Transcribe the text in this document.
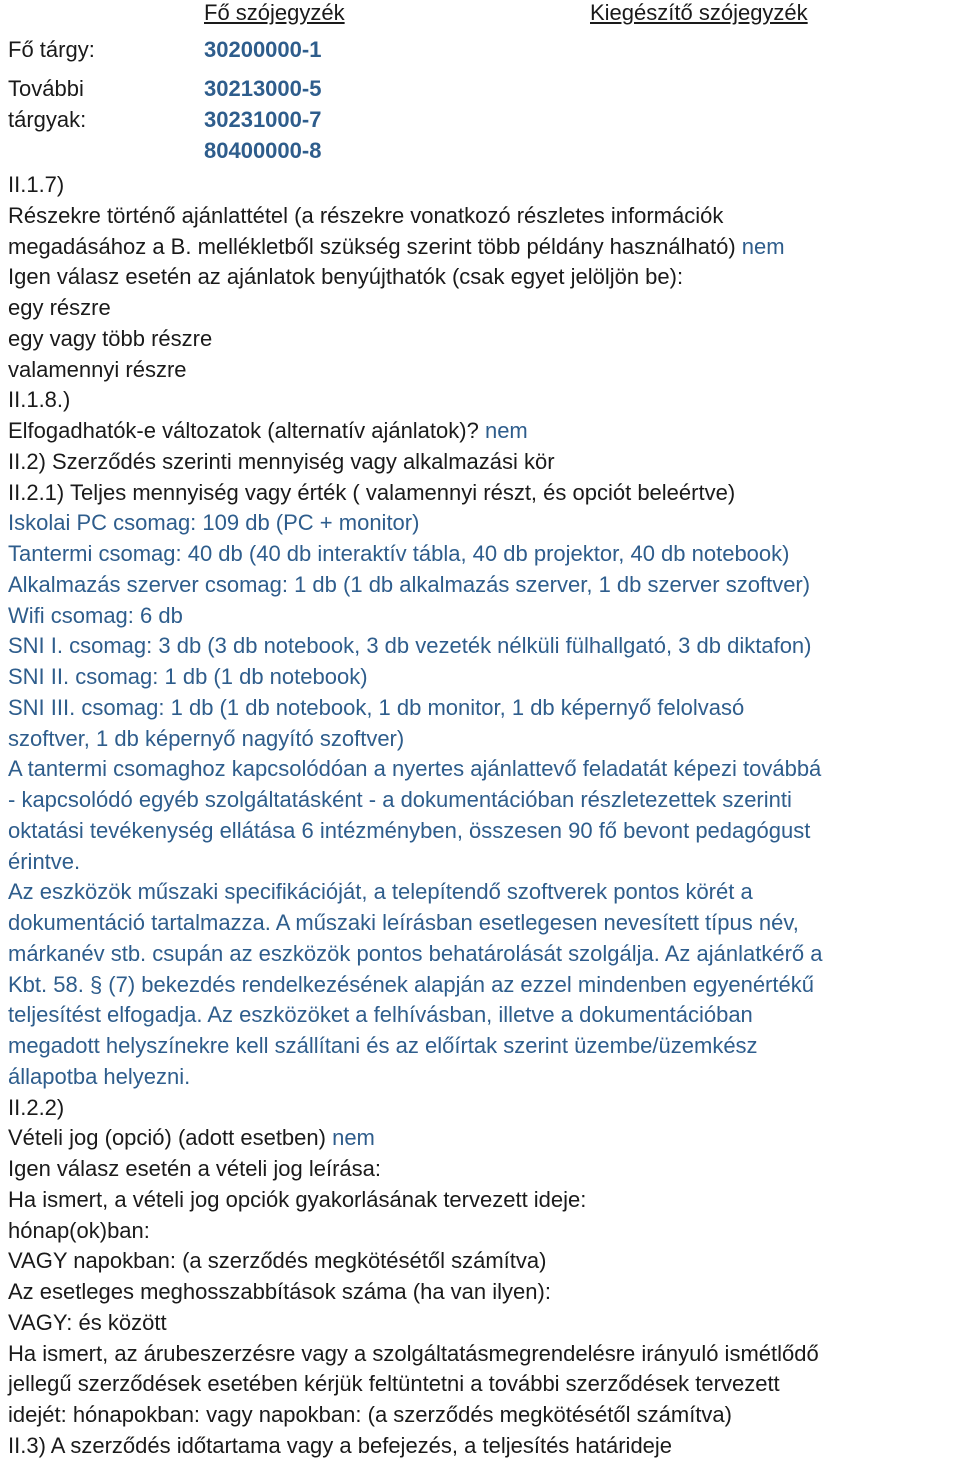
Fő szójegyzék	Kiegészítő szójegyzék
Fő tárgy:	30200000-1
További
tárgyak:
30213000-5
30231000-7
80400000-8
II.1.7)
Részekre történő ajánlattétel (a részekre vonatkozó részletes információk
megadásához a B. mellékletből szükség szerint több példány használható) nem
Igen válasz esetén az ajánlatok benyújthatók (csak egyet jelöljön be):
egy részre
egy vagy több részre
valamennyi részre
II.1.8.)
Elfogadhatók-e változatok (alternatív ajánlatok)? nem
II.2) Szerződés szerinti mennyiség vagy alkalmazási kör
II.2.1) Teljes mennyiség vagy érték ( valamennyi részt, és opciót beleértve)
Iskolai PC csomag: 109 db (PC + monitor)
Tantermi csomag: 40 db (40 db interaktív tábla, 40 db projektor, 40 db notebook)
Alkalmazás szerver csomag: 1 db (1 db alkalmazás szerver, 1 db szerver szoftver)
Wifi csomag: 6 db
SNI I. csomag: 3 db (3 db notebook, 3 db vezeték nélküli fülhallgató, 3 db diktafon)
SNI II. csomag: 1 db (1 db notebook)
SNI III. csomag: 1 db (1 db notebook, 1 db monitor, 1 db képernyő felolvasó
szoftver, 1 db képernyő nagyító szoftver)
A tantermi csomaghoz kapcsolódóan a nyertes ajánlattevő feladatát képezi továbbá
- kapcsolódó egyéb szolgáltatásként - a dokumentációban részletezettek szerinti
oktatási tevékenység ellátása 6 intézményben, összesen 90 fő bevont pedagógust
érintve.
Az eszközök műszaki specifikációját, a telepítendő szoftverek pontos körét a
dokumentáció tartalmazza. A műszaki leírásban esetlegesen nevesített típus név,
márkanév stb. csupán az eszközök pontos behatárolását szolgálja. Az ajánlatkérő a
Kbt. 58. § (7) bekezdés rendelkezésének alapján az ezzel mindenben egyenértékű
teljesítést elfogadja. Az eszközöket a felhívásban, illetve a dokumentációban
megadott helyszínekre kell szállítani és az előírtak szerint üzembe/üzemkész
állapotba helyezni.
II.2.2)
Vételi jog (opció) (adott esetben) nem
Igen válasz esetén a vételi jog leírása:
Ha ismert, a vételi jog opciók gyakorlásának tervezett ideje:
hónap(ok)ban:
VAGY napokban: (a szerződés megkötésétől számítva)
Az esetleges meghosszabbítások száma (ha van ilyen):
VAGY: és között
Ha ismert, az árubeszerzésre vagy a szolgáltatásmegrendelésre irányuló ismétlődő
jellegű szerződések esetében kérjük feltüntetni a további szerződések tervezett
idejét: hónapokban: vagy napokban: (a szerződés megkötésétől számítva)
II.3) A szerződés időtartama vagy a befejezés, a teljesítés határideje
